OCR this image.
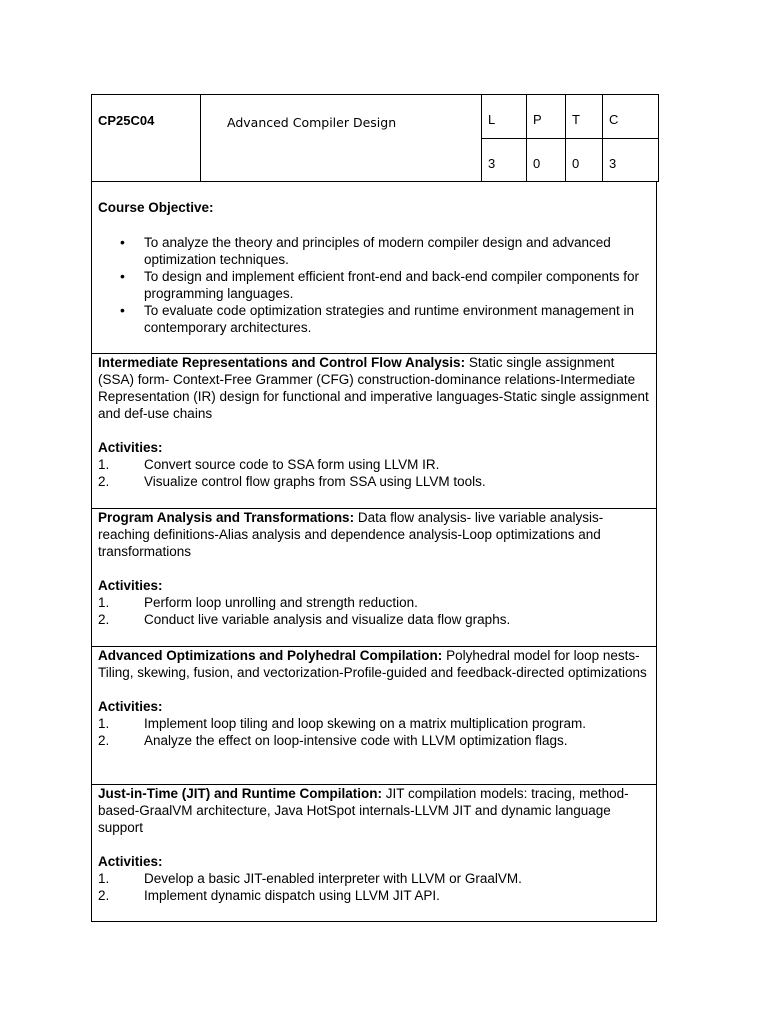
CP25C04	Advanced Compiler Design	L	P	T	C
		3	0	0	3
Course Objective:
• To analyze the theory and principles of modern compiler design and advanced optimization techniques.
• To design and implement efficient front-end and back-end compiler components for programming languages.
• To evaluate code optimization strategies and runtime environment management in contemporary architectures.
Intermediate Representations and Control Flow Analysis: Static single assignment (SSA) form- Context-Free Grammer (CFG) construction-dominance relations-Intermediate Representation (IR) design for functional and imperative languages-Static single assignment and def-use chains
Activities:
1.	Convert source code to SSA form using LLVM IR.
2.	Visualize control flow graphs from SSA using LLVM tools.
Program Analysis and Transformations: Data flow analysis- live variable analysis-reaching definitions-Alias analysis and dependence analysis-Loop optimizations and transformations
Activities:
1.	Perform loop unrolling and strength reduction.
2.	Conduct live variable analysis and visualize data flow graphs.
Advanced Optimizations and Polyhedral Compilation: Polyhedral model for loop nests-Tiling, skewing, fusion, and vectorization-Profile-guided and feedback-directed optimizations
Activities:
1.	Implement loop tiling and loop skewing on a matrix multiplication program.
2.	Analyze the effect on loop-intensive code with LLVM optimization flags.
Just-in-Time (JIT) and Runtime Compilation: JIT compilation models: tracing, method-based-GraalVM architecture, Java HotSpot internals-LLVM JIT and dynamic language support
Activities:
1.	Develop a basic JIT-enabled interpreter with LLVM or GraalVM.
2.	Implement dynamic dispatch using LLVM JIT API.
